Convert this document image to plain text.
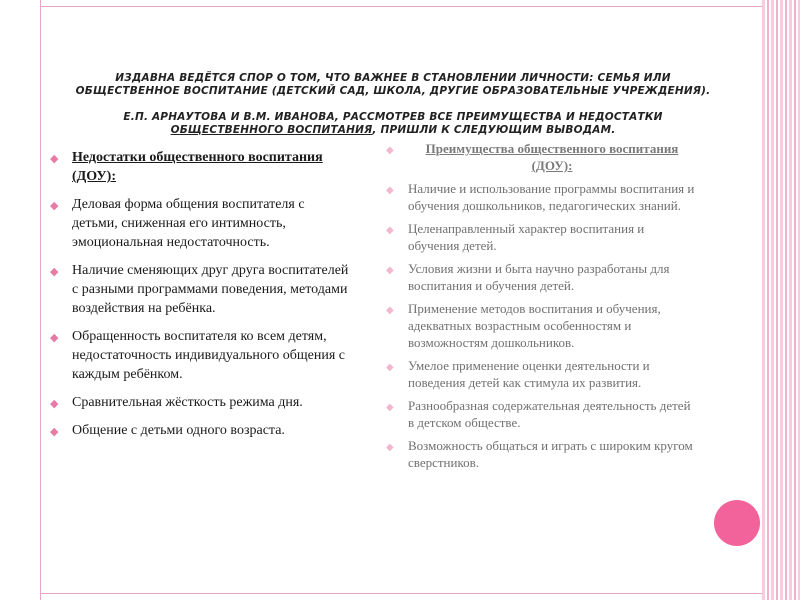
ИЗДАВНА ВЕДЁТСЯ СПОР О ТОМ, ЧТО ВАЖНЕЕ В СТАНОВЛЕНИИ ЛИЧНОСТИ: СЕМЬЯ ИЛИ ОБЩЕСТВЕННОЕ ВОСПИТАНИЕ (ДЕТСКИЙ САД, ШКОЛА, ДРУГИЕ ОБРАЗОВАТЕЛЬНЫЕ УЧРЕЖДЕНИЯ).

Е.П. АРНАУТОВА И В.М. ИВАНОВА, РАССМОТРЕВ ВСЕ ПРЕИМУЩЕСТВА И НЕДОСТАТКИ ОБЩЕСТВЕННОГО ВОСПИТАНИЯ, ПРИШЛИ К СЛЕДУЮЩИМ ВЫВОДАМ.

◆ Недостатки общественного воспитания (ДОУ):
◆ Деловая форма общения воспитателя с детьми, сниженная его интимность, эмоциональная недостаточность.
◆ Наличие сменяющих друг друга воспитателей с разными программами поведения, методами воздействия на ребёнка.
◆ Обращенность воспитателя ко всем детям, недостаточность индивидуального общения с каждым ребёнком.
◆ Сравнительная жёсткость режима дня.
◆ Общение с детьми одного возраста.
◆	Преимущества общественного воспитания (ДОУ):
◆ Наличие и использование программы воспитания и обучения дошкольников, педагогических знаний.
◆ Целенаправленный характер воспитания и обучения детей.
◆ Условия жизни и быта научно разработаны для воспитания и обучения детей.
◆ Применение методов воспитания и обучения, адекватных возрастным особенностям и возможностям дошкольников.
◆ Умелое применение оценки деятельности и поведения детей как стимула их развития.
◆ Разнообразная содержательная деятельность детей в детском обществе.
◆ Возможность общаться и играть с широким кругом сверстников.
